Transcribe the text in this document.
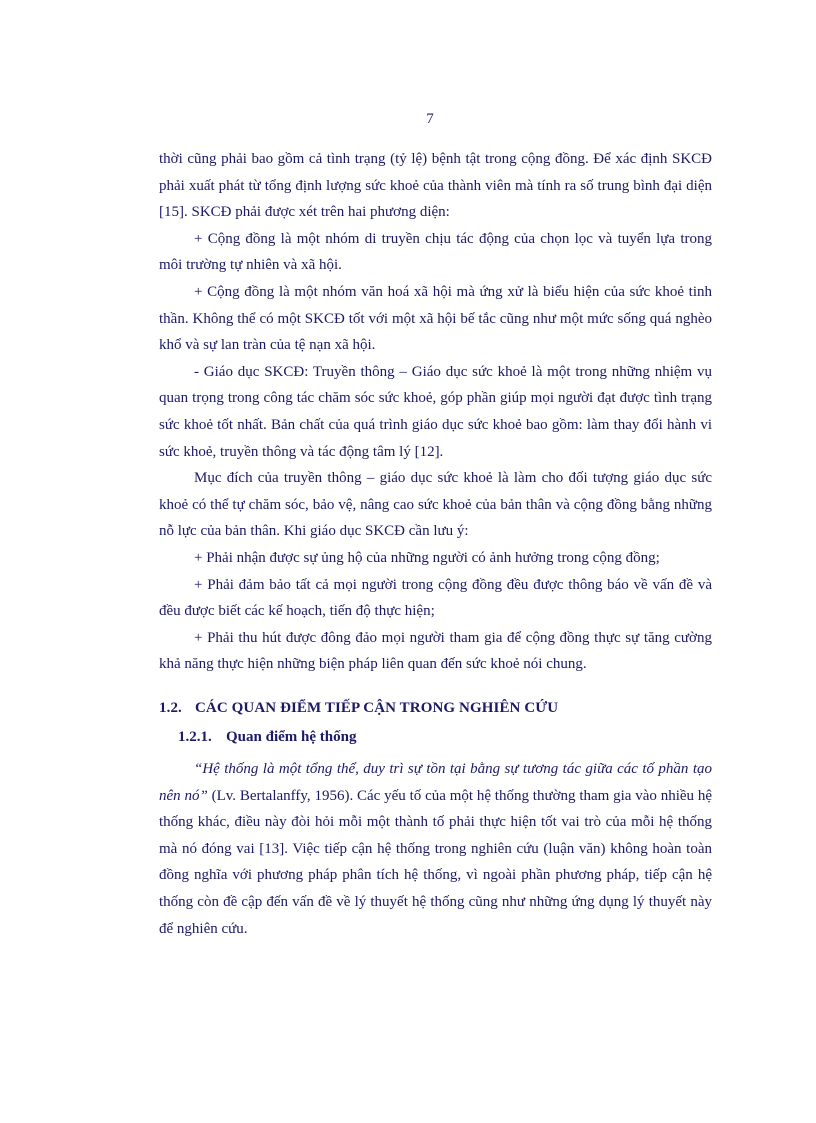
7

thời cũng phải bao gồm cả tình trạng (tỷ lệ) bệnh tật trong cộng đồng. Để xác định SKCĐ phải xuất phát từ tổng định lượng sức khoẻ của thành viên mà tính ra số trung bình đại diện [15]. SKCĐ phải được xét trên hai phương diện:

+ Cộng đồng là một nhóm di truyền chịu tác động của chọn lọc và tuyển lựa trong môi trường tự nhiên và xã hội.

+ Cộng đồng là một nhóm văn hoá xã hội mà ứng xử là biểu hiện của sức khoẻ tinh thần. Không thể có một SKCĐ tốt với một xã hội bế tắc cũng như một mức sống quá nghèo khổ và sự lan tràn của tệ nạn xã hội.

- Giáo dục SKCĐ: Truyền thông – Giáo dục sức khoẻ là một trong những nhiệm vụ quan trọng trong công tác chăm sóc sức khoẻ, góp phần giúp mọi người đạt được tình trạng sức khoẻ tốt nhất. Bản chất của quá trình giáo dục sức khoẻ bao gồm: làm thay đổi hành vi sức khoẻ, truyền thông và tác động tâm lý [12].

Mục đích của truyền thông – giáo dục sức khoẻ là làm cho đối tượng giáo dục sức khoẻ có thể tự chăm sóc, bảo vệ, nâng cao sức khoẻ của bản thân và cộng đồng bằng những nỗ lực của bản thân. Khi giáo dục SKCĐ cần lưu ý:

+ Phải nhận được sự ủng hộ của những người có ảnh hưởng trong cộng đồng;

+ Phải đảm bảo tất cả mọi người trong cộng đồng đều được thông báo về vấn đề và đều được biết các kế hoạch, tiến độ thực hiện;

+ Phải thu hút được đông đảo mọi người tham gia để cộng đồng thực sự tăng cường khả năng thực hiện những biện pháp liên quan đến sức khoẻ nói chung.

1.2. CÁC QUAN ĐIỂM TIẾP CẬN TRONG NGHIÊN CỨU
1.2.1. Quan điểm hệ thống

“Hệ thống là một tổng thể, duy trì sự tồn tại bằng sự tương tác giữa các tố phần tạo nên nó” (Lv. Bertalanffy, 1956). Các yếu tố của một hệ thống thường tham gia vào nhiều hệ thống khác, điều này đòi hỏi mỗi một thành tố phải thực hiện tốt vai trò của mỗi hệ thống mà nó đóng vai [13]. Việc tiếp cận hệ thống trong nghiên cứu (luận văn) không hoàn toàn đồng nghĩa với phương pháp phân tích hệ thống, vì ngoài phần phương pháp, tiếp cận hệ thống còn đề cập đến vấn đề về lý thuyết hệ thống cũng như những ứng dụng lý thuyết này để nghiên cứu.
